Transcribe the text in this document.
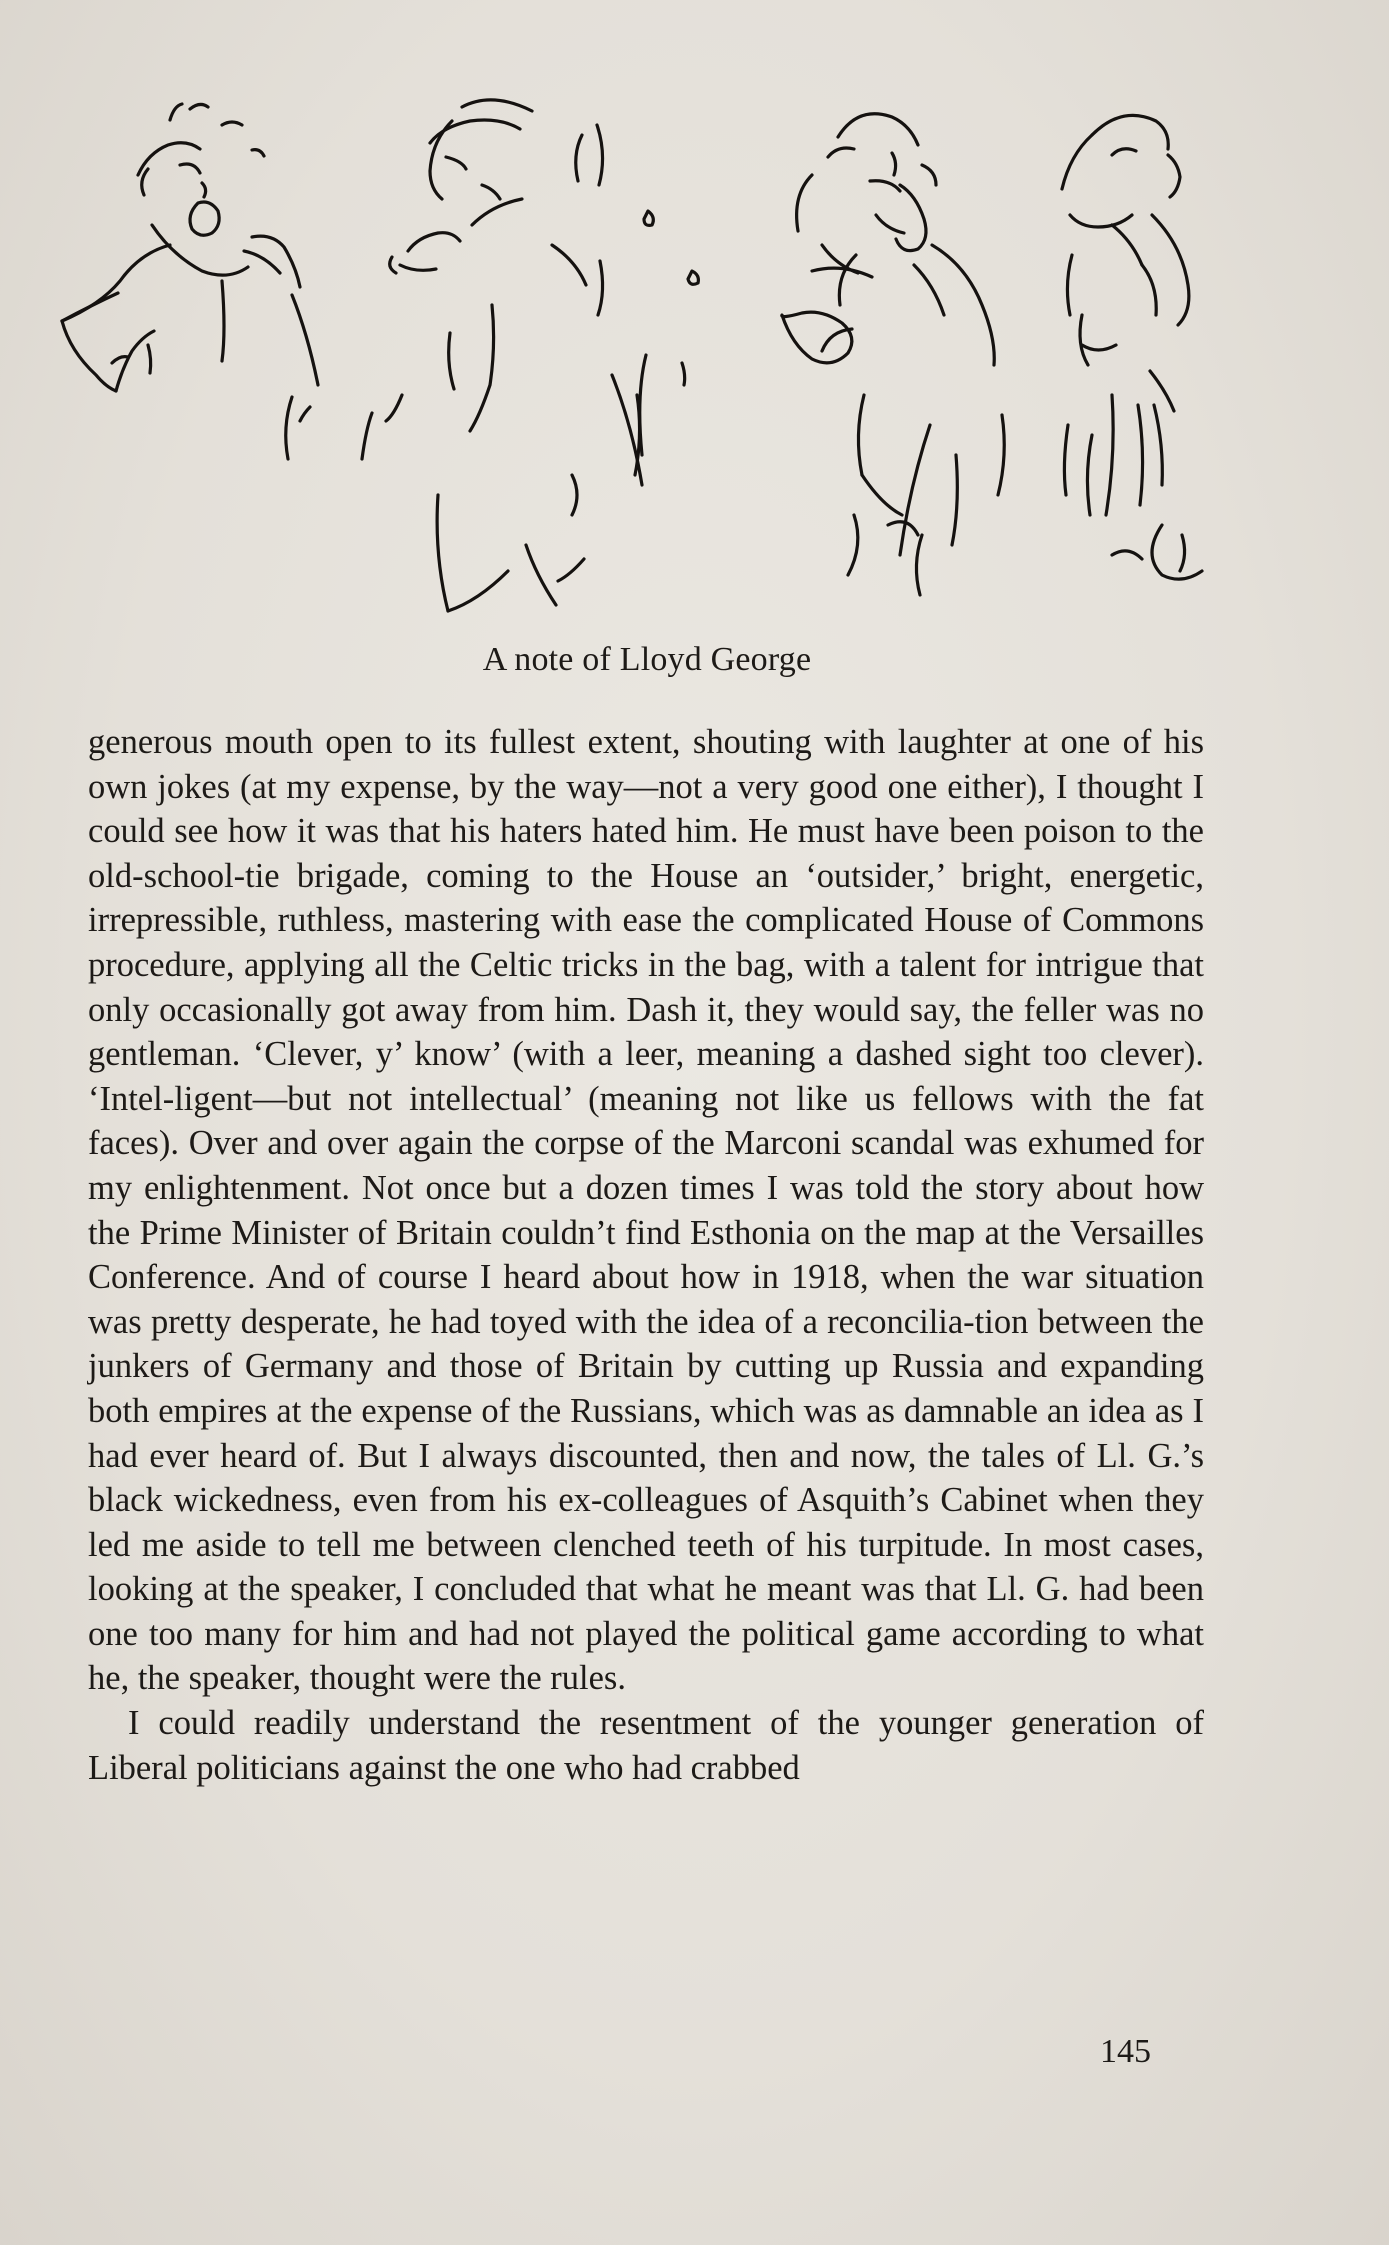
A note of Lloyd George

generous mouth open to its fullest extent, shouting with laughter at one of his own jokes (at my expense, by the way—not a very good one either), I thought I could see how it was that his haters hated him. He must have been poison to the old-school-tie brigade, coming to the House an ‘outsider,’ bright, energetic, irrepressible, ruthless, mastering with ease the complicated House of Commons procedure, applying all the Celtic tricks in the bag, with a talent for intrigue that only occasionally got away from him. Dash it, they would say, the feller was no gentleman. ‘Clever, y’ know’ (with a leer, meaning a dashed sight too clever). ‘Intel-ligent—but not intellectual’ (meaning not like us fellows with the fat faces). Over and over again the corpse of the Marconi scandal was exhumed for my enlightenment. Not once but a dozen times I was told the story about how the Prime Minister of Britain couldn’t find Esthonia on the map at the Versailles Conference. And of course I heard about how in 1918, when the war situation was pretty desperate, he had toyed with the idea of a reconcilia-tion between the junkers of Germany and those of Britain by cutting up Russia and expanding both empires at the expense of the Russians, which was as damnable an idea as I had ever heard of. But I always discounted, then and now, the tales of Ll. G.’s black wickedness, even from his ex-colleagues of Asquith’s Cabinet when they led me aside to tell me between clenched teeth of his turpitude. In most cases, looking at the speaker, I concluded that what he meant was that Ll. G. had been one too many for him and had not played the political game according to what he, the speaker, thought were the rules.

I could readily understand the resentment of the younger generation of Liberal politicians against the one who had crabbed

145
